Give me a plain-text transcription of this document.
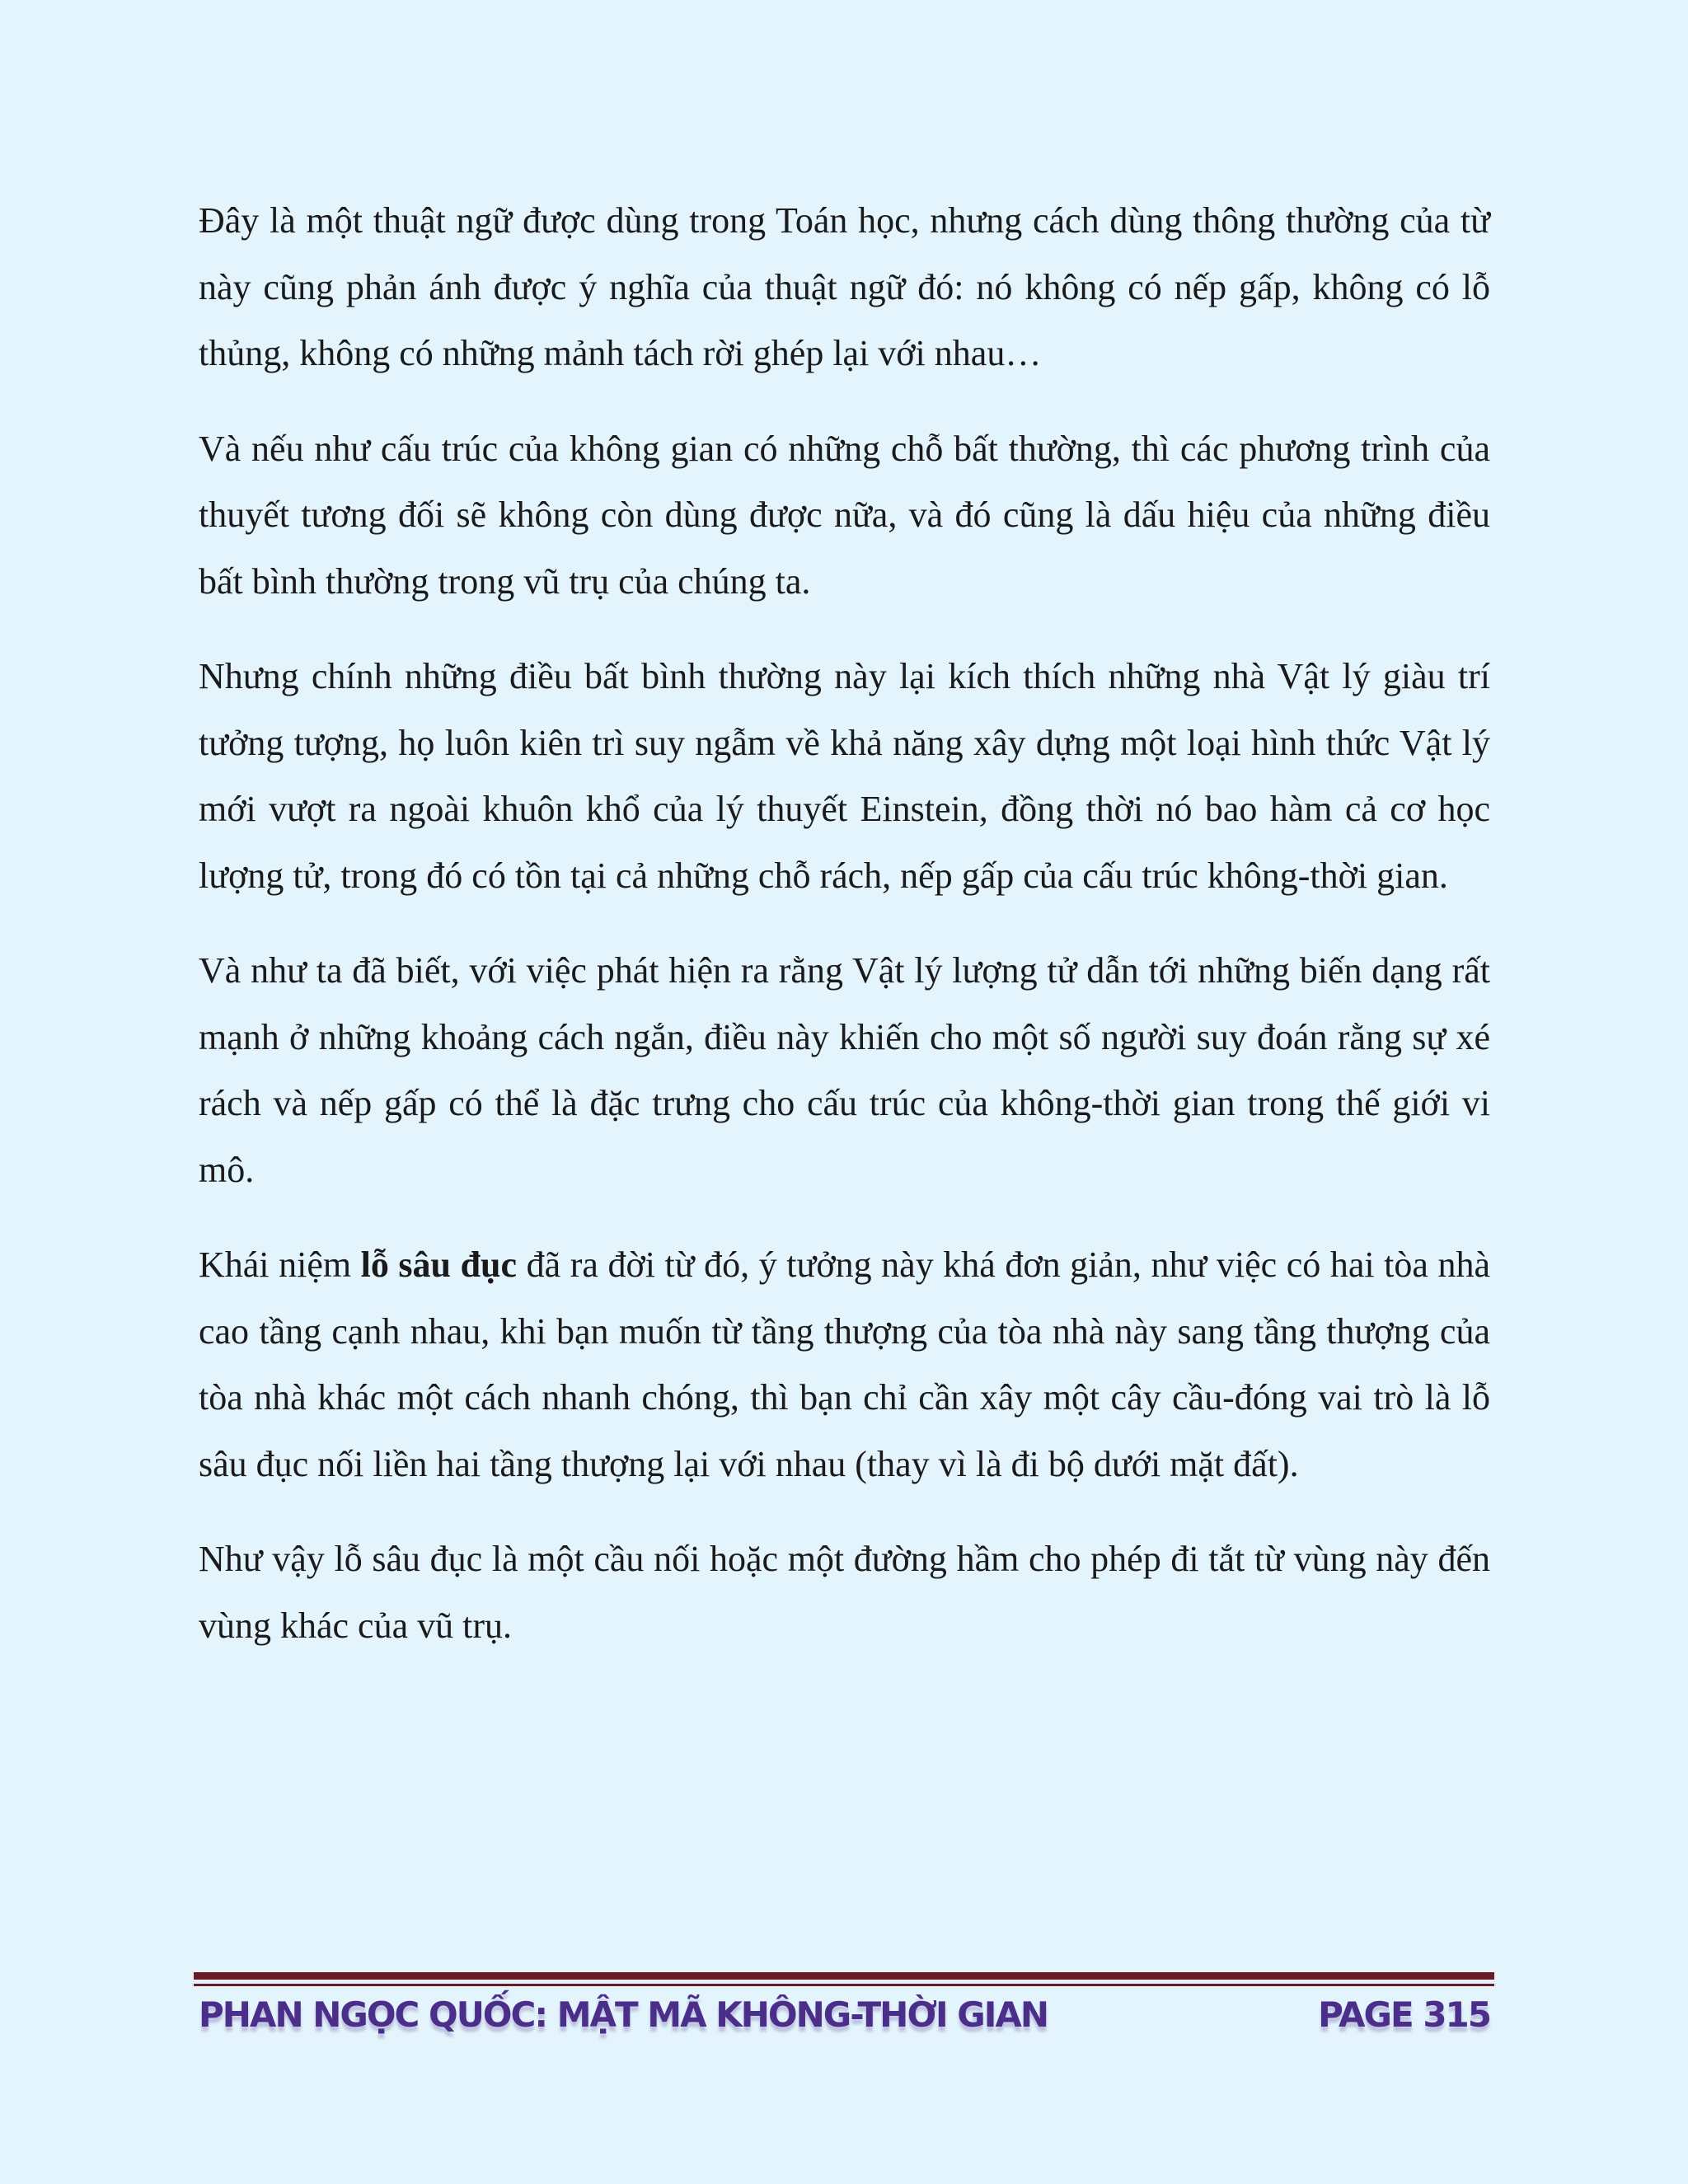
Đây là một thuật ngữ được dùng trong Toán học, nhưng cách dùng thông thường của từ này cũng phản ánh được ý nghĩa của thuật ngữ đó: nó không có nếp gấp, không có lỗ thủng, không có những mảnh tách rời ghép lại với nhau…

Và nếu như cấu trúc của không gian có những chỗ bất thường, thì các phương trình của thuyết tương đối sẽ không còn dùng được nữa, và đó cũng là dấu hiệu của những điều bất bình thường trong vũ trụ của chúng ta.

Nhưng chính những điều bất bình thường này lại kích thích những nhà Vật lý giàu trí tưởng tượng, họ luôn kiên trì suy ngẫm về khả năng xây dựng một loại hình thức Vật lý mới vượt ra ngoài khuôn khổ của lý thuyết Einstein, đồng thời nó bao hàm cả cơ học lượng tử, trong đó có tồn tại cả những chỗ rách, nếp gấp của cấu trúc không-thời gian.

Và như ta đã biết, với việc phát hiện ra rằng Vật lý lượng tử dẫn tới những biến dạng rất mạnh ở những khoảng cách ngắn, điều này khiến cho một số người suy đoán rằng sự xé rách và nếp gấp có thể là đặc trưng cho cấu trúc của không-thời gian trong thế giới vi mô.

Khái niệm lỗ sâu đục đã ra đời từ đó, ý tưởng này khá đơn giản, như việc có hai tòa nhà cao tầng cạnh nhau, khi bạn muốn từ tầng thượng của tòa nhà này sang tầng thượng của tòa nhà khác một cách nhanh chóng, thì bạn chỉ cần xây một cây cầu-đóng vai trò là lỗ sâu đục nối liền hai tầng thượng lại với nhau (thay vì là đi bộ dưới mặt đất).

Như vậy lỗ sâu đục là một cầu nối hoặc một đường hầm cho phép đi tắt từ vùng này đến vùng khác của vũ trụ.

PHAN NGỌC QUỐC: MẬT MÃ KHÔNG-THỜI GIAN	PAGE 315
